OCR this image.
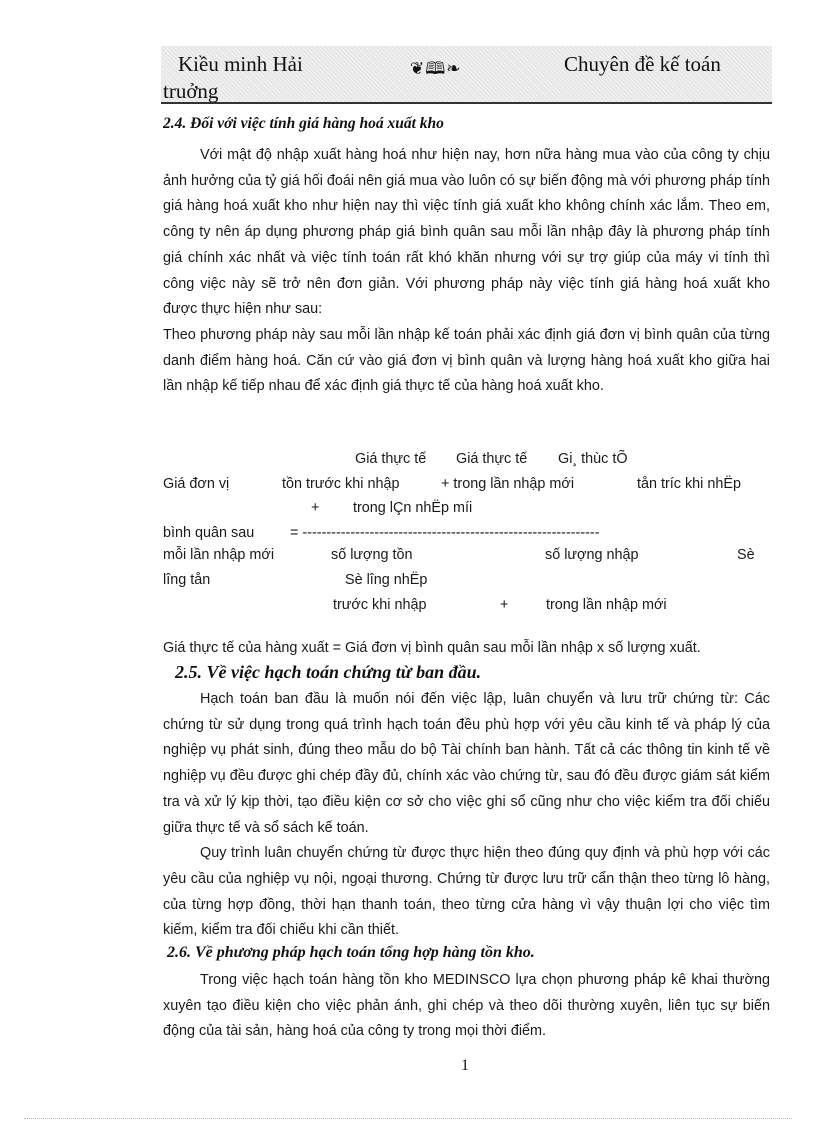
Kiều minh Hải
truởng
❦🕮❧	Chuyên đề kế toán
2.4. Đối với việc tính giá hàng hoá xuất kho

Với mật độ nhập xuất hàng hoá như hiện nay, hơn nữa hàng mua vào của công ty chịu ảnh hưởng của tỷ giá hối đoái nên giá mua vào luôn có sự biến động mà với phương pháp tính giá hàng hoá xuất kho như hiện nay thì việc tính giá xuất kho không chính xác lắm. Theo em, công ty nên áp dụng phương pháp giá bình quân sau mỗi lần nhập đây là phương pháp tính giá chính xác nhất và việc tính toán rất khó khăn nhưng với sự trợ giúp của máy vi tính thì công việc này sẽ trở nên đơn giản. Với phương pháp này việc tính giá hàng hoá xuất kho được thực hiện như sau:

Theo phương pháp này sau mỗi lần nhập kế toán phải xác định giá đơn vị bình quân của từng danh điểm hàng hoá. Căn cứ vào giá đơn vị bình quân và lượng hàng hoá xuất kho giữa hai lần nhập kế tiếp nhau để xác định giá thực tế của hàng hoá xuất kho.

Giá thực tế Giá thực tế Gi¸ thùc tÕ
Giá đơn vị	tồn trước khi nhập	+ trong lần nhập mới	tån tríc khi nhËp
+ trong lÇn nhËp míi
bình quân sau = --------------------------------------------------------------
mỗi lần nhập mới	số lượng tồn	số lượng nhập	Sè
lîng tån	Sè lîng nhËp
trước khi nhập	+	trong lần nhập mới
Giá thực tế của hàng xuất = Giá đơn vị bình quân sau mỗi lần nhập x số lượng xuất.
2.5. Về việc hạch toán chứng từ ban đầu.

Hạch toán ban đầu là muốn nói đến việc lập, luân chuyển và lưu trữ chứng từ: Các chứng từ sử dụng trong quá trình hạch toán đều phù hợp với yêu cầu kinh tế và pháp lý của nghiệp vụ phát sinh, đúng theo mẫu do bộ Tài chính ban hành. Tất cả các thông tin kinh tế về nghiệp vụ đều được ghi chép đầy đủ, chính xác vào chứng từ, sau đó đều được giám sát kiểm tra và xử lý kịp thời, tạo điều kiện cơ sở cho việc ghi sổ cũng như cho việc kiểm tra đối chiếu giữa thực tế và sổ sách kế toán.

Quy trình luân chuyển chứng từ được thực hiện theo đúng quy định và phù hợp với các yêu cầu của nghiệp vụ nội, ngoại thương. Chứng từ được lưu trữ cẩn thận theo từng lô hàng, của từng hợp đồng, thời hạn thanh toán, theo từng cửa hàng vì vậy thuận lợi cho việc tìm kiếm, kiểm tra đối chiếu khi cần thiết.

2.6. Về phương pháp hạch toán tổng hợp hàng tồn kho.

Trong việc hạch toán hàng tồn kho MEDINSCO lựa chọn phương pháp kê khai thường xuyên tạo điều kiện cho việc phản ánh, ghi chép và theo dõi thường xuyên, liên tục sự biến động của tài sản, hàng hoá của công ty trong mọi thời điểm.

1
